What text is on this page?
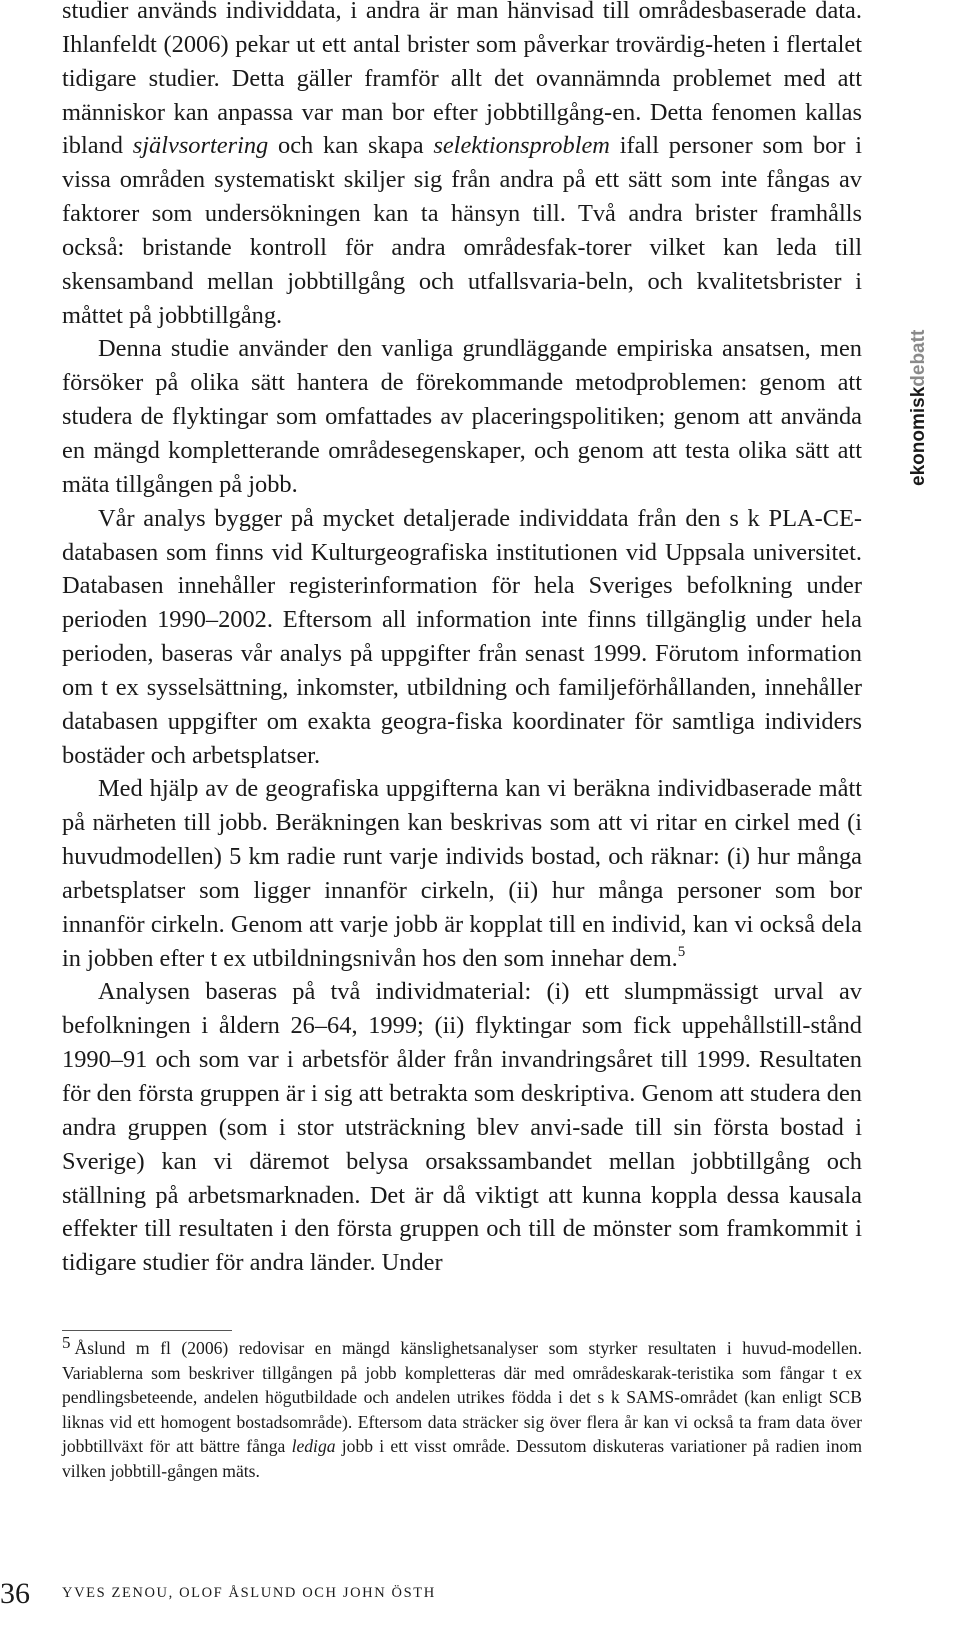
studier används individdata, i andra är man hänvisad till områdesbaserade data. Ihlanfeldt (2006) pekar ut ett antal brister som påverkar trovärdig-heten i flertalet tidigare studier. Detta gäller framför allt det ovannämnda problemet med att människor kan anpassa var man bor efter jobbtillgång-en. Detta fenomen kallas ibland självsortering och kan skapa selektionsproblem ifall personer som bor i vissa områden systematiskt skiljer sig från andra på ett sätt som inte fångas av faktorer som undersökningen kan ta hänsyn till. Två andra brister framhålls också: bristande kontroll för andra områdesfak-torer vilket kan leda till skensamband mellan jobbtillgång och utfallsvaria-beln, och kvalitetsbrister i måttet på jobbtillgång.

Denna studie använder den vanliga grundläggande empiriska ansatsen, men försöker på olika sätt hantera de förekommande metodproblemen: genom att studera de flyktingar som omfattades av placeringspolitiken; genom att använda en mängd kompletterande områdesegenskaper, och genom att testa olika sätt att mäta tillgången på jobb.

Vår analys bygger på mycket detaljerade individdata från den s k PLA-CE-databasen som finns vid Kulturgeografiska institutionen vid Uppsala universitet. Databasen innehåller registerinformation för hela Sveriges befolkning under perioden 1990–2002. Eftersom all information inte finns tillgänglig under hela perioden, baseras vår analys på uppgifter från senast 1999. Förutom information om t ex sysselsättning, inkomster, utbildning och familjeförhållanden, innehåller databasen uppgifter om exakta geogra-fiska koordinater för samtliga individers bostäder och arbetsplatser.

Med hjälp av de geografiska uppgifterna kan vi beräkna individbaserade mått på närheten till jobb. Beräkningen kan beskrivas som att vi ritar en cirkel med (i huvudmodellen) 5 km radie runt varje individs bostad, och räknar: (i) hur många arbetsplatser som ligger innanför cirkeln, (ii) hur många personer som bor innanför cirkeln. Genom att varje jobb är kopplat till en individ, kan vi också dela in jobben efter t ex utbildningsnivån hos den som innehar dem.$^5$

Analysen baseras på två individmaterial: (i) ett slumpmässigt urval av befolkningen i åldern 26–64, 1999; (ii) flyktingar som fick uppehållstill-stånd 1990–91 och som var i arbetsför ålder från invandringsåret till 1999. Resultaten för den första gruppen är i sig att betrakta som deskriptiva. Genom att studera den andra gruppen (som i stor utsträckning blev anvi-sade till sin första bostad i Sverige) kan vi däremot belysa orsakssambandet mellan jobbtillgång och ställning på arbetsmarknaden. Det är då viktigt att kunna koppla dessa kausala effekter till resultaten i den första gruppen och till de mönster som framkommit i tidigare studier för andra länder. Under

ekonomiskdebatt
$^5$ Åslund m fl (2006) redovisar en mängd känslighetsanalyser som styrker resultaten i huvud-modellen. Variablerna som beskriver tillgången på jobb kompletteras där med områdeskarak-teristika som fångar t ex pendlingsbeteende, andelen högutbildade och andelen utrikes födda i det s k SAMS-området (kan enligt SCB liknas vid ett homogent bostadsområde). Eftersom data sträcker sig över flera år kan vi också ta fram data över jobbtillväxt för att bättre fånga lediga jobb i ett visst område. Dessutom diskuteras variationer på radien inom vilken jobbtill-gången mäts.
36 YVES ZENOU, OLOF ÅSLUND OCH JOHN ÖSTH
